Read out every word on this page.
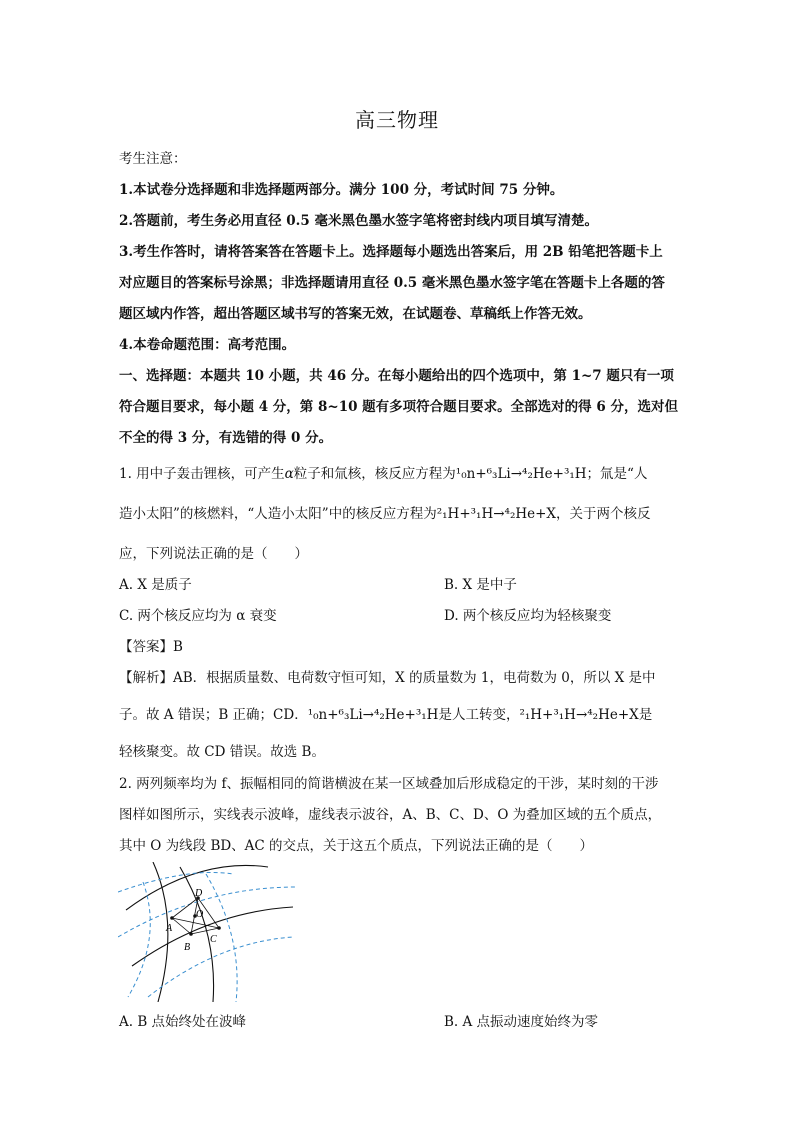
高三物理
考生注意：
1.本试卷分选择题和非选择题两部分。满分 100 分，考试时间 75 分钟。
2.答题前，考生务必用直径 0.5 毫米黑色墨水签字笔将密封线内项目填写清楚。
3.考生作答时，请将答案答在答题卡上。选择题每小题选出答案后，用 2B 铅笔把答题卡上
对应题目的答案标号涂黑；非选择题请用直径 0.5 毫米黑色墨水签字笔在答题卡上各题的答
题区域内作答，超出答题区域书写的答案无效，在试题卷、草稿纸上作答无效。
4.本卷命题范围：高考范围。
一、选择题：本题共 10 小题，共 46 分。在每小题给出的四个选项中，第 1~7 题只有一项
符合题目要求，每小题 4 分，第 8~10 题有多项符合题目要求。全部选对的得 6 分，选对但
不全的得 3 分，有选错的得 0 分。
1. 用中子轰击锂核，可产生α粒子和氚核，核反应方程为¹₀n+⁶₃Li→⁴₂He+³₁H；氚是“人
造小太阳”的核燃料，“人造小太阳”中的核反应方程为²₁H+³₁H→⁴₂He+X，关于两个核反
应，下列说法正确的是（　　）
A. X 是质子	B. X 是中子
C. 两个核反应均为 α 衰变	D. 两个核反应均为轻核聚变
【答案】B
【解析】AB．根据质量数、电荷数守恒可知，X 的质量数为 1，电荷数为 0，所以 X 是中
子。故 A 错误；B 正确；CD．¹₀n+⁶₃Li→⁴₂He+³₁H是人工转变，²₁H+³₁H→⁴₂He+X是
轻核聚变。故 CD 错误。故选 B。
2. 两列频率均为 f、振幅相同的简谐横波在某一区域叠加后形成稳定的干涉，某时刻的干涉
图样如图所示，实线表示波峰，虚线表示波谷，A、B、C、D、O 为叠加区域的五个质点，
其中 O 为线段 BD、AC 的交点，关于这五个质点，下列说法正确的是（　　）
D
A
O
C
B
A. B 点始终处在波峰	B. A 点振动速度始终为零
